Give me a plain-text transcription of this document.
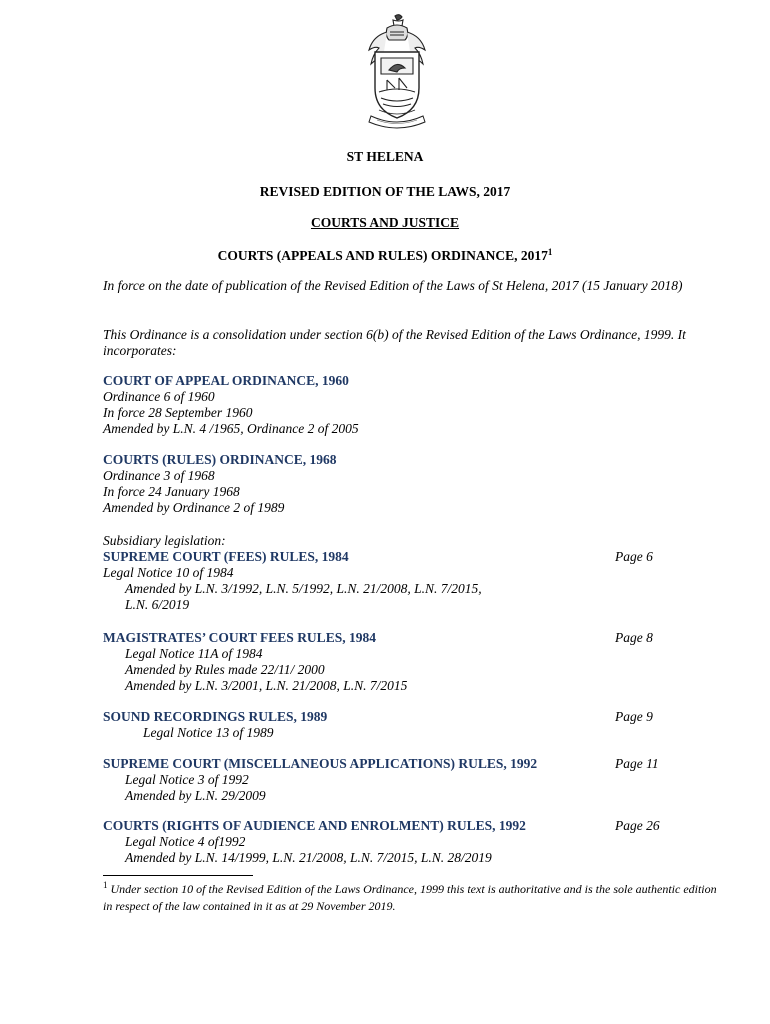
ST HELENA
REVISED EDITION OF THE LAWS, 2017
COURTS AND JUSTICE
COURTS (APPEALS AND RULES) ORDINANCE, 2017$^1$
In force on the date of publication of the Revised Edition of the Laws of St Helena, 2017 (15 January 2018)
This Ordinance is a consolidation under section 6(b) of the Revised Edition of the Laws Ordinance, 1999. It incorporates:
COURT OF APPEAL ORDINANCE, 1960
Ordinance 6 of 1960
In force 28 September 1960
Amended by L.N. 4 /1965, Ordinance 2 of 2005
COURTS (RULES) ORDINANCE, 1968
Ordinance 3 of 1968
In force 24 January 1968
Amended by Ordinance 2 of 1989
Subsidiary legislation:
SUPREME COURT (FEES) RULES, 1984	Page 6
Legal Notice 10 of 1984
Amended by L.N. 3/1992, L.N. 5/1992, L.N. 21/2008, L.N. 7/2015,
L.N. 6/2019
MAGISTRATES’ COURT FEES RULES, 1984	Page 8
Legal Notice 11A of 1984
Amended by Rules made 22/11/ 2000
Amended by L.N. 3/2001, L.N. 21/2008, L.N. 7/2015
SOUND RECORDINGS RULES, 1989	Page 9
Legal Notice 13 of 1989
SUPREME COURT (MISCELLANEOUS APPLICATIONS) RULES, 1992	Page 11
Legal Notice 3 of 1992
Amended by L.N. 29/2009
COURTS (RIGHTS OF AUDIENCE AND ENROLMENT) RULES, 1992	Page 26
Legal Notice 4 of1992
Amended by L.N. 14/1999, L.N. 21/2008, L.N. 7/2015, L.N. 28/2019
$^1$ Under section 10 of the Revised Edition of the Laws Ordinance, 1999 this text is authoritative and is the sole authentic edition in respect of the law contained in it as at 29 November 2019.
